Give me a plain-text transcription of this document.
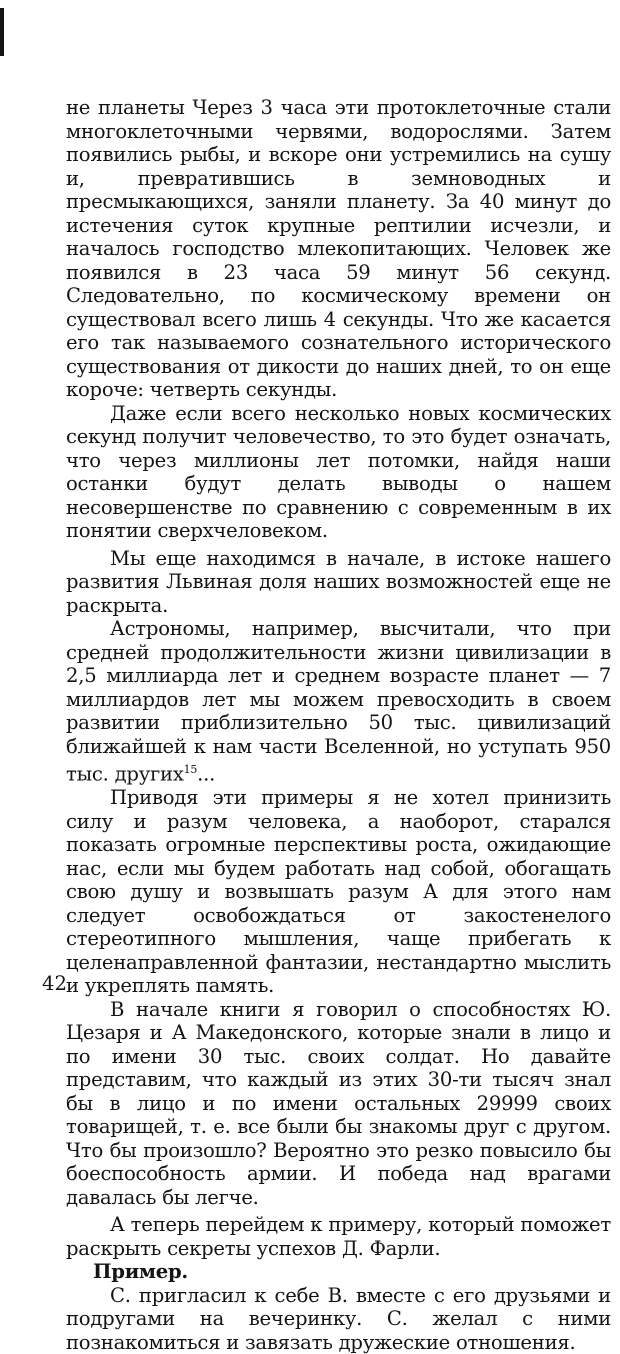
не планеты Через 3 часа эти протоклеточные стали многоклеточными червями, водорослями. Затем появились рыбы, и вскоре они устремились на сушу и, превратившись в земноводных и пресмыкающихся, заняли планету. За 40 минут до истечения суток крупные рептилии исчезли, и началось господство млекопитающих. Человек же появился в 23 часа 59 минут 56 секунд. Следовательно, по космическому времени он существовал всего лишь 4 секунды. Что же касается его так называемого сознательного исторического существования от дикости до наших дней, то он еще короче: четверть секунды.

Даже если всего несколько новых космических секунд получит человечество, то это будет означать, что через миллионы лет потомки, найдя наши останки будут делать выводы о нашем несовершенстве по сравнению с современным в их понятии сверхчеловеком.

Мы еще находимся в начале, в истоке нашего развития Львиная доля наших возможностей еще не раскрыта.

Астрономы, например, высчитали, что при средней продолжительности жизни цивилизации в 2,5 миллиарда лет и среднем возрасте планет — 7 миллиардов лет мы можем превосходить в своем развитии приблизительно 50 тыс. цивилизаций ближайшей к нам части Вселенной, но уступать 950 тыс. других$^{15}$...

Приводя эти примеры я не хотел принизить силу и разум человека, а наоборот, старался показать огромные перспективы роста, ожидающие нас, если мы будем работать над собой, обогащать свою душу и возвышать разум А для этого нам следует освобождаться от закостенелого стереотипного мышления, чаще прибегать к целенаправленной фантазии, нестандартно мыслить и укреплять память.

В начале книги я говорил о способностях Ю. Цезаря и А Македонского, которые знали в лицо и по имени 30 тыс. своих солдат. Но давайте представим, что каждый из этих 30-ти тысяч знал бы в лицо и по имени остальных 29999 своих товарищей, т. е. все были бы знакомы друг с другом. Что бы произошло? Вероятно это резко повысило бы боеспособность армии. И победа над врагами давалась бы легче.

А теперь перейдем к примеру, который поможет раскрыть секреты успехов Д. Фарли.

Пример.

С. пригласил к себе В. вместе с его друзьями и подругами на вечеринку. С. желал с ними познакомиться и завязать дружеские отношения.

42
